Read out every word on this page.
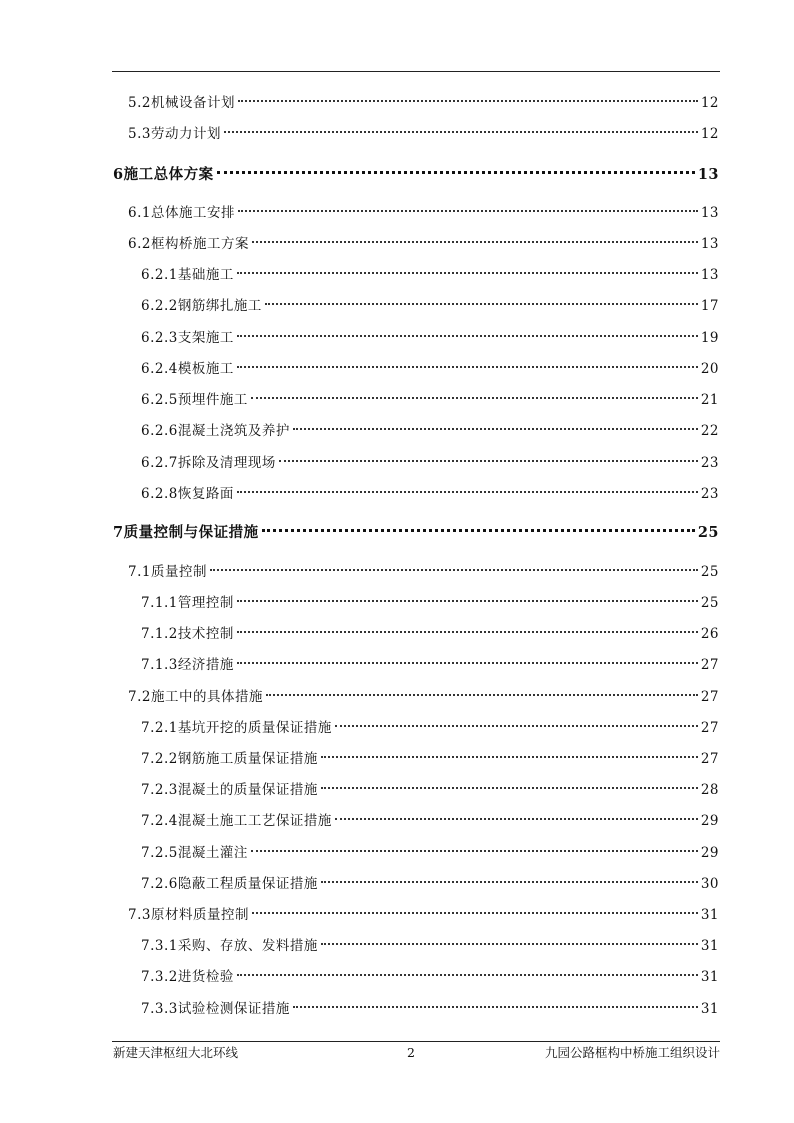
5.2机械设备计划	12
5.3劳动力计划	12
6施工总体方案	13
6.1总体施工安排	13
6.2框构桥施工方案	13
6.2.1基础施工	13
6.2.2钢筋绑扎施工	17
6.2.3支架施工	19
6.2.4模板施工	20
6.2.5预埋件施工	21
6.2.6混凝土浇筑及养护	22
6.2.7拆除及清理现场	23
6.2.8恢复路面	23
7质量控制与保证措施	25
7.1质量控制	25
7.1.1管理控制	25
7.1.2技术控制	26
7.1.3经济措施	27
7.2施工中的具体措施	27
7.2.1基坑开挖的质量保证措施	27
7.2.2钢筋施工质量保证措施	27
7.2.3混凝土的质量保证措施	28
7.2.4混凝土施工工艺保证措施	29
7.2.5混凝土灌注	29
7.2.6隐蔽工程质量保证措施	30
7.3原材料质量控制	31
7.3.1采购、存放、发料措施	31
7.3.2进货检验	31
7.3.3试验检测保证措施	31
新建天津枢纽大北环线	2	九园公路框构中桥施工组织设计
